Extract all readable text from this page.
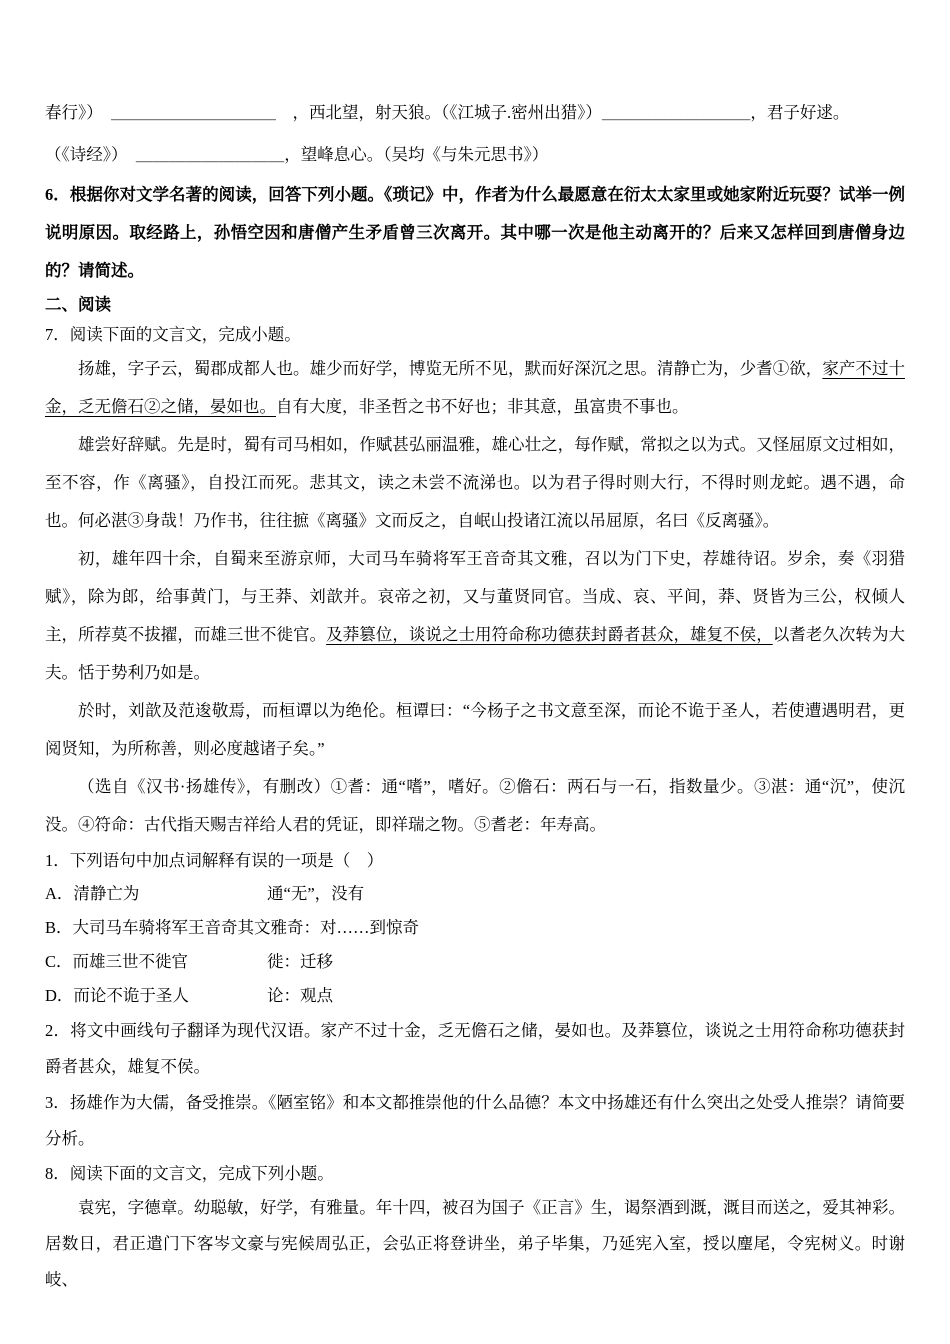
春行》）　＿＿＿＿＿＿＿＿＿＿　，西北望，射天狼。（《江城子.密州出猎》）＿＿＿＿＿＿＿＿＿，君子好逑。

（《诗经》）　＿＿＿＿＿＿＿＿＿，望峰息心。（吴均《与朱元思书》）

6．根据你对文学名著的阅读，回答下列小题。《琐记》中，作者为什么最愿意在衍太太家里或她家附近玩耍？试举一例说明原因。取经路上，孙悟空因和唐僧产生矛盾曾三次离开。其中哪一次是他主动离开的？后来又怎样回到唐僧身边的？请简述。

二、阅读

7．阅读下面的文言文，完成小题。

扬雄，字子云，蜀郡成都人也。雄少而好学，博览无所不见，默而好深沉之思。清静亡为，少耆①欲，家产不过十金，乏无儋石②之储，晏如也。自有大度，非圣哲之书不好也；非其意，虽富贵不事也。

雄尝好辞赋。先是时，蜀有司马相如，作赋甚弘丽温雅，雄心壮之，每作赋，常拟之以为式。又怪屈原文过相如，至不容，作《离骚》，自投江而死。悲其文，读之未尝不流涕也。以为君子得时则大行，不得时则龙蛇。遇不遇，命也。何必湛③身哉！乃作书，往往摭《离骚》文而反之，自岷山投诸江流以吊屈原，名曰《反离骚》。

初，雄年四十余，自蜀来至游京师，大司马车骑将军王音奇其文雅，召以为门下史，荐雄待诏。岁余，奏《羽猎赋》，除为郎，给事黄门，与王莽、刘歆并。哀帝之初，又与董贤同官。当成、哀、平间，莽、贤皆为三公，权倾人主，所荐莫不拔擢，而雄三世不徙官。及莽篡位，谈说之士用符命称功德获封爵者甚众，雄复不侯，以耆老久次转为大夫。恬于势利乃如是。

於时，刘歆及范逡敬焉，而桓谭以为绝伦。桓谭曰：“今杨子之书文意至深，而论不诡于圣人，若使遭遇明君，更阅贤知，为所称善，则必度越诸子矣。”

（选自《汉书·扬雄传》，有删改）①耆：通“嗜”，嗜好。②儋石：两石与一石，指数量少。③湛：通“沉”，使沉没。④符命：古代指天赐吉祥给人君的凭证，即祥瑞之物。⑤耆老：年寿高。

1．下列语句中加点词解释有误的一项是（　）

A．清静亡为	通“无”，没有
B．大司马车骑将军王音奇其文雅奇：对……到惊奇
C．而雄三世不徙官	徙：迁移
D．而论不诡于圣人	论：观点

2．将文中画线句子翻译为现代汉语。家产不过十金，乏无儋石之储，晏如也。及莽篡位，谈说之士用符命称功德获封爵者甚众，雄复不侯。

3．扬雄作为大儒，备受推崇。《陋室铭》和本文都推崇他的什么品德？本文中扬雄还有什么突出之处受人推崇？请简要分析。

8．阅读下面的文言文，完成下列小题。

袁宪，字德章。幼聪敏，好学，有雅量。年十四，被召为国子《正言》生，谒祭酒到溉，溉目而送之，爱其神彩。居数日，君正遣门下客岑文豪与宪候周弘正，会弘正将登讲坐，弟子毕集，乃延宪入室，授以麈尾，令宪树义。时谢岐、
